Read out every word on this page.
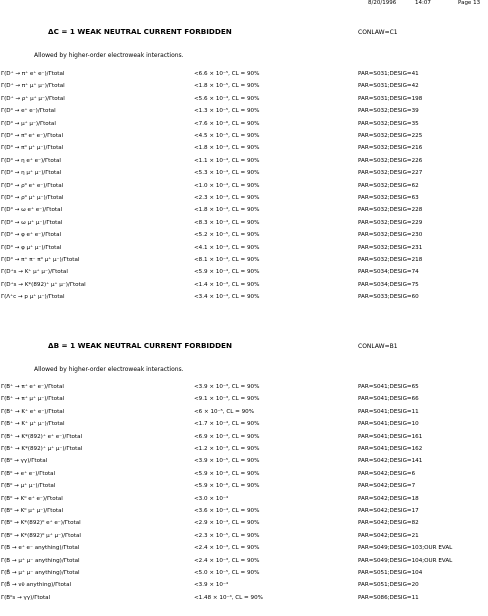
8/20/1996	14:07	Page 13
ΔC = 1 WEAK NEUTRAL CURRENT FORBIDDEN	CONLAW=C1
Allowed by higher-order electroweak interactions.
Γ(D⁺ → π⁺ e⁺ e⁻)/Γtotal	<6.6 × 10⁻⁵, CL = 90%	PAR=S031;DESIG=41
Γ(D⁺ → π⁺ μ⁺ μ⁻)/Γtotal	<1.8 × 10⁻⁵, CL = 90%	PAR=S031;DESIG=42
Γ(D⁺ → ρ⁺ μ⁺ μ⁻)/Γtotal	<5.6 × 10⁻⁴, CL = 90%	PAR=S031;DESIG=198
Γ(D⁰ → e⁺ e⁻)/Γtotal	<1.3 × 10⁻⁵, CL = 90%	PAR=S032;DESIG=39
Γ(D⁰ → μ⁺ μ⁻)/Γtotal	<7.6 × 10⁻⁶, CL = 90%	PAR=S032;DESIG=35
Γ(D⁰ → π⁰ e⁺ e⁻)/Γtotal	<4.5 × 10⁻⁵, CL = 90%	PAR=S032;DESIG=225
Γ(D⁰ → π⁰ μ⁺ μ⁻)/Γtotal	<1.8 × 10⁻⁴, CL = 90%	PAR=S032;DESIG=216
Γ(D⁰ → η e⁺ e⁻)/Γtotal	<1.1 × 10⁻⁴, CL = 90%	PAR=S032;DESIG=226
Γ(D⁰ → η μ⁺ μ⁻)/Γtotal	<5.3 × 10⁻⁴, CL = 90%	PAR=S032;DESIG=227
Γ(D⁰ → ρ⁰ e⁺ e⁻)/Γtotal	<1.0 × 10⁻⁴, CL = 90%	PAR=S032;DESIG=62
Γ(D⁰ → ρ⁰ μ⁺ μ⁻)/Γtotal	<2.3 × 10⁻⁴, CL = 90%	PAR=S032;DESIG=63
Γ(D⁰ → ω e⁺ e⁻)/Γtotal	<1.8 × 10⁻⁴, CL = 90%	PAR=S032;DESIG=228
Γ(D⁰ → ω μ⁺ μ⁻)/Γtotal	<8.3 × 10⁻⁴, CL = 90%	PAR=S032;DESIG=229
Γ(D⁰ → φ e⁺ e⁻)/Γtotal	<5.2 × 10⁻⁵, CL = 90%	PAR=S032;DESIG=230
Γ(D⁰ → φ μ⁺ μ⁻)/Γtotal	<4.1 × 10⁻⁴, CL = 90%	PAR=S032;DESIG=231
Γ(D⁰ → π⁺ π⁻ π⁰ μ⁺ μ⁻)/Γtotal	<8.1 × 10⁻⁴, CL = 90%	PAR=S032;DESIG=218
Γ(D⁺s → K⁺ μ⁺ μ⁻)/Γtotal	<5.9 × 10⁻⁴, CL = 90%	PAR=S034;DESIG=74
Γ(D⁺s → K*(892)⁺ μ⁺ μ⁻)/Γtotal	<1.4 × 10⁻³, CL = 90%	PAR=S034;DESIG=75
Γ(Λ⁺c → p μ⁺ μ⁻)/Γtotal	<3.4 × 10⁻⁴, CL = 90%	PAR=S033;DESIG=60
ΔB = 1 WEAK NEUTRAL CURRENT FORBIDDEN	CONLAW=B1
Allowed by higher-order electroweak interactions.
Γ(B⁺ → π⁺ e⁺ e⁻)/Γtotal	<3.9 × 10⁻³, CL = 90%	PAR=S041;DESIG=65
Γ(B⁺ → π⁺ μ⁺ μ⁻)/Γtotal	<9.1 × 10⁻³, CL = 90%	PAR=S041;DESIG=66
Γ(B⁺ → K⁺ e⁺ e⁻)/Γtotal	<6 × 10⁻⁵, CL = 90%	PAR=S041;DESIG=11
Γ(B⁺ → K⁺ μ⁺ μ⁻)/Γtotal	<1.7 × 10⁻⁴, CL = 90%	PAR=S041;DESIG=10
Γ(B⁺ → K*(892)⁺ e⁺ e⁻)/Γtotal	<6.9 × 10⁻⁴, CL = 90%	PAR=S041;DESIG=161
Γ(B⁺ → K*(892)⁺ μ⁺ μ⁻)/Γtotal	<1.2 × 10⁻³, CL = 90%	PAR=S041;DESIG=162
Γ(B⁰ → γγ)/Γtotal	<3.9 × 10⁻⁵, CL = 90%	PAR=S042;DESIG=141
Γ(B⁰ → e⁺ e⁻)/Γtotal	<5.9 × 10⁻⁶, CL = 90%	PAR=S042;DESIG=6
Γ(B⁰ → μ⁺ μ⁻)/Γtotal	<5.9 × 10⁻⁶, CL = 90%	PAR=S042;DESIG=7
Γ(B⁰ → K⁰ e⁺ e⁻)/Γtotal	<3.0 × 10⁻⁴	PAR=S042;DESIG=18
Γ(B⁰ → K⁰ μ⁺ μ⁻)/Γtotal	<3.6 × 10⁻⁴, CL = 90%	PAR=S042;DESIG=17
Γ(B⁰ → K*(892)⁰ e⁺ e⁻)/Γtotal	<2.9 × 10⁻⁴, CL = 90%	PAR=S042;DESIG=82
Γ(B⁰ → K*(892)⁰ μ⁺ μ⁻)/Γtotal	<2.3 × 10⁻⁵, CL = 90%	PAR=S042;DESIG=21
Γ(B → e⁺ e⁻ anything)/Γtotal	<2.4 × 10⁻³, CL = 90%	PAR=S049;DESIG=103;OUR EVAL
Γ(B → μ⁺ μ⁻ anything)/Γtotal	<2.4 × 10⁻³, CL = 90%	PAR=S049;DESIG=104;OUR EVAL
Γ(B̄ → μ⁺ μ⁻ anything)/Γtotal	<5.0 × 10⁻⁵, CL = 90%	PAR=S051;DESIG=104
Γ(B̄ → νν̄ anything)/Γtotal	<3.9 × 10⁻⁴	PAR=S051;DESIG=20
Γ(B⁰s → γγ)/Γtotal	<1.48 × 10⁻⁴, CL = 90%	PAR=S086;DESIG=11
